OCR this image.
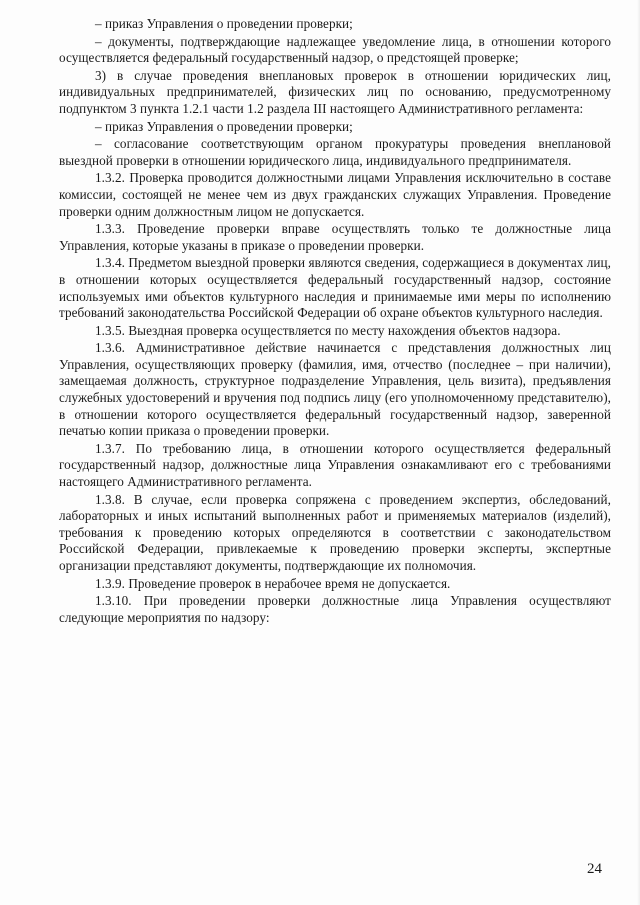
– приказ Управления о проведении проверки;

– документы, подтверждающие надлежащее уведомление лица, в отношении которого осуществляется федеральный государственный надзор, о предстоящей проверке;

3) в случае проведения внеплановых проверок в отношении юридических лиц, индивидуальных предпринимателей, физических лиц по основанию, предусмотренному подпунктом 3 пункта 1.2.1 части 1.2 раздела III настоящего Административного регламента:

– приказ Управления о проведении проверки;

– согласование соответствующим органом прокуратуры проведения внеплановой выездной проверки в отношении юридического лица, индивидуального предпринимателя.

1.3.2. Проверка проводится должностными лицами Управления исключительно в составе комиссии, состоящей не менее чем из двух гражданских служащих Управления. Проведение проверки одним должностным лицом не допускается.

1.3.3. Проведение проверки вправе осуществлять только те должностные лица Управления, которые указаны в приказе о проведении проверки.

1.3.4. Предметом выездной проверки являются сведения, содержащиеся в документах лиц, в отношении которых осуществляется федеральный государственный надзор, состояние используемых ими объектов культурного наследия и принимаемые ими меры по исполнению требований законодательства Российской Федерации об охране объектов культурного наследия.

1.3.5. Выездная проверка осуществляется по месту нахождения объектов надзора.

1.3.6. Административное действие начинается с представления должностных лиц Управления, осуществляющих проверку (фамилия, имя, отчество (последнее – при наличии), замещаемая должность, структурное подразделение Управления, цель визита), предъявления служебных удостоверений и вручения под подпись лицу (его уполномоченному представителю), в отношении которого осуществляется федеральный государственный надзор, заверенной печатью копии приказа о проведении проверки.

1.3.7. По требованию лица, в отношении которого осуществляется федеральный государственный надзор, должностные лица Управления ознакамливают его с требованиями настоящего Административного регламента.

1.3.8. В случае, если проверка сопряжена с проведением экспертиз, обследований, лабораторных и иных испытаний выполненных работ и применяемых материалов (изделий), требования к проведению которых определяются в соответствии с законодательством Российской Федерации, привлекаемые к проведению проверки эксперты, экспертные организации представляют документы, подтверждающие их полномочия.

1.3.9. Проведение проверок в нерабочее время не допускается.

1.3.10. При проведении проверки должностные лица Управления осуществляют следующие мероприятия по надзору:

24
